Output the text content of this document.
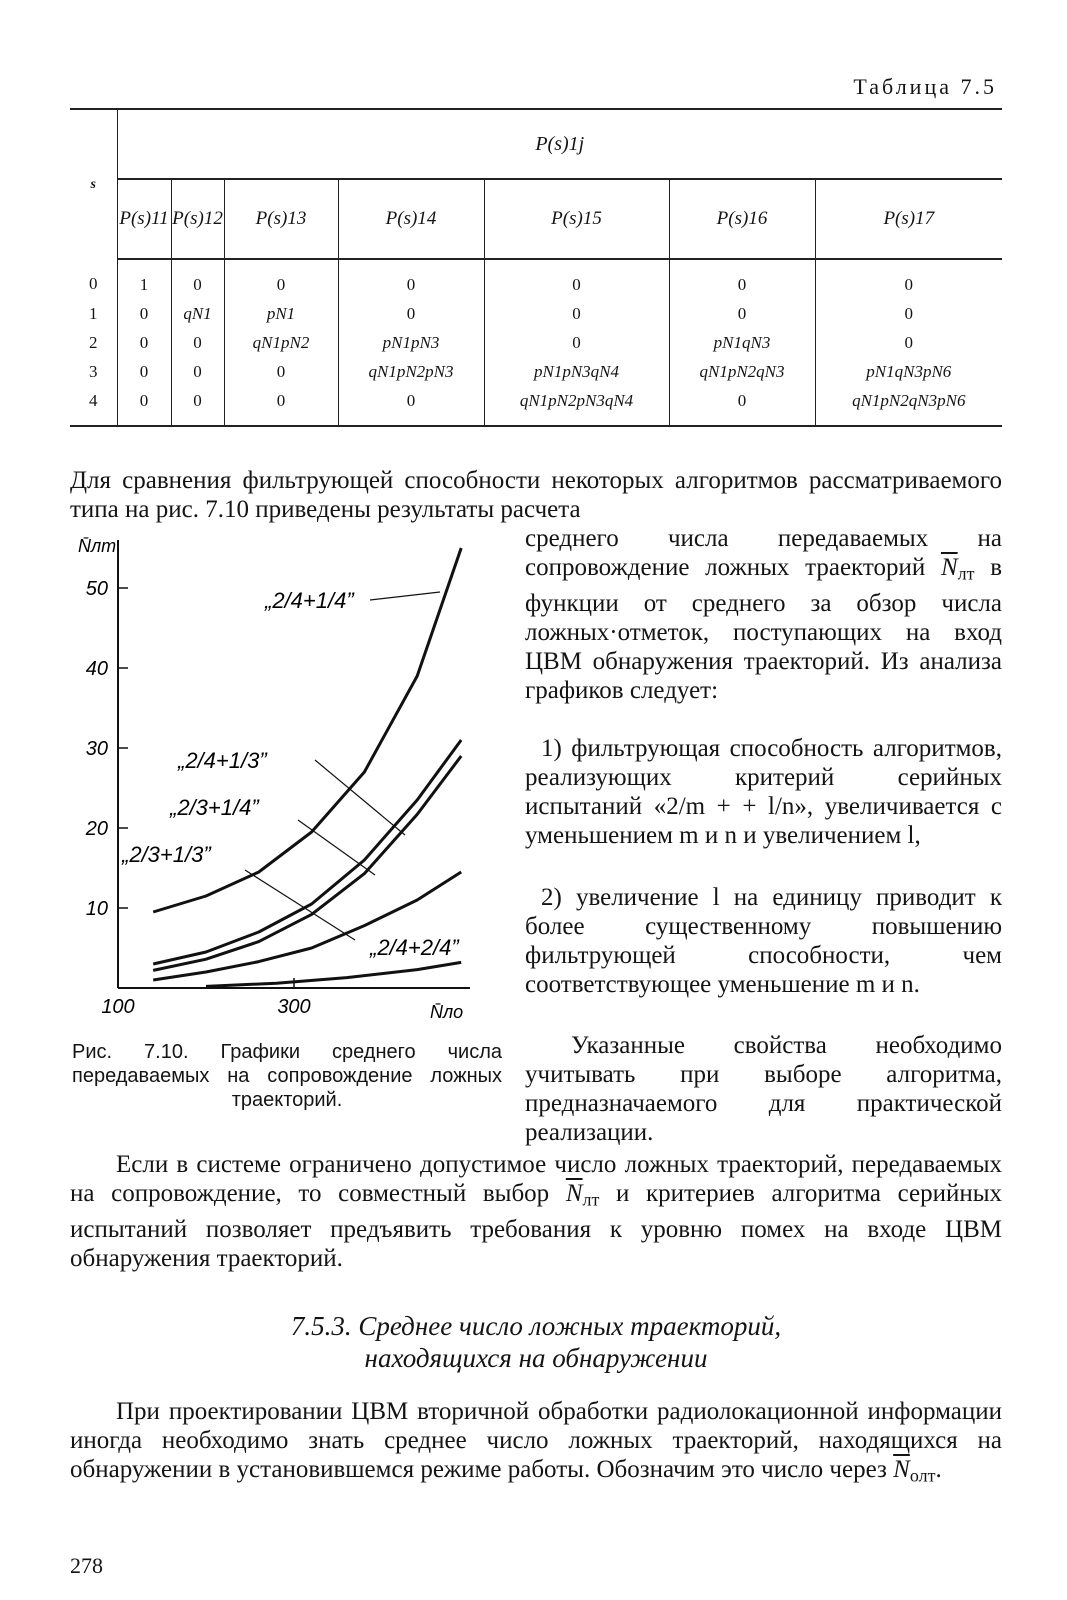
Таблица 7.5
s	P(s)1j						
	P(s)11	P(s)12	P(s)13	P(s)14	P(s)15	P(s)16	P(s)17
0	1	0	0	0	0	0	0
1	0	qN1	pN1	0	0	0	0
2	0	0	qN1pN2	pN1pN3	0	pN1qN3	0
3	0	0	0	qN1pN2pN3	pN1pN3qN4	qN1pN2qN3	pN1qN3pN6
4	0	0	0	0	qN1pN2pN3qN4	0	qN1pN2qN3pN6

Для сравнения фильтрующей способности некоторых алгоритмов рассматриваемого типа на рис. 7.10 приведены результаты расчета

10
20
30
40
50
100	300
N̄лт
N̄ло
„2/4+1/4”
„2/4+1/3”
„2/3+1/4”
„2/3+1/3”
„2/4+2/4”

среднего числа передаваемых на сопровождение ложных траекторий $\overline{N}_{лт}$ в функции от среднего за обзор числа ложных·отметок, поступающих на вход ЦВМ обнаружения траекторий. Из анализа графиков следует:

1) фильтрующая способность алгоритмов, реализующих критерий серийных испытаний «2/m + + l/n», увеличивается с уменьшением m и n и увеличением l,

2) увеличение l на единицу приводит к более существенному повышению фильтрующей способности, чем соответствующее уменьшение m и n.

Указанные свойства необходимо учитывать при выборе алгоритма, предназначаемого для практической реализации.

Рис. 7.10. Графики среднего числа передаваемых на сопровождение ложных траекторий.

Если в системе ограничено допустимое число ложных траекторий, передаваемых на сопровождение, то совместный выбор $\overline{N}_{лт}$ и критериев алгоритма серийных испытаний позволяет предъявить требования к уровню помех на входе ЦВМ обнаружения траекторий.

7.5.3. Среднее число ложных траекторий,
находящихся на обнаружении

При проектировании ЦВМ вторичной обработки радиолокационной информации иногда необходимо знать среднее число ложных траекторий, находящихся на обнаружении в установившемся режиме работы. Обозначим это число через $\overline{N}_{олт}$.

278
